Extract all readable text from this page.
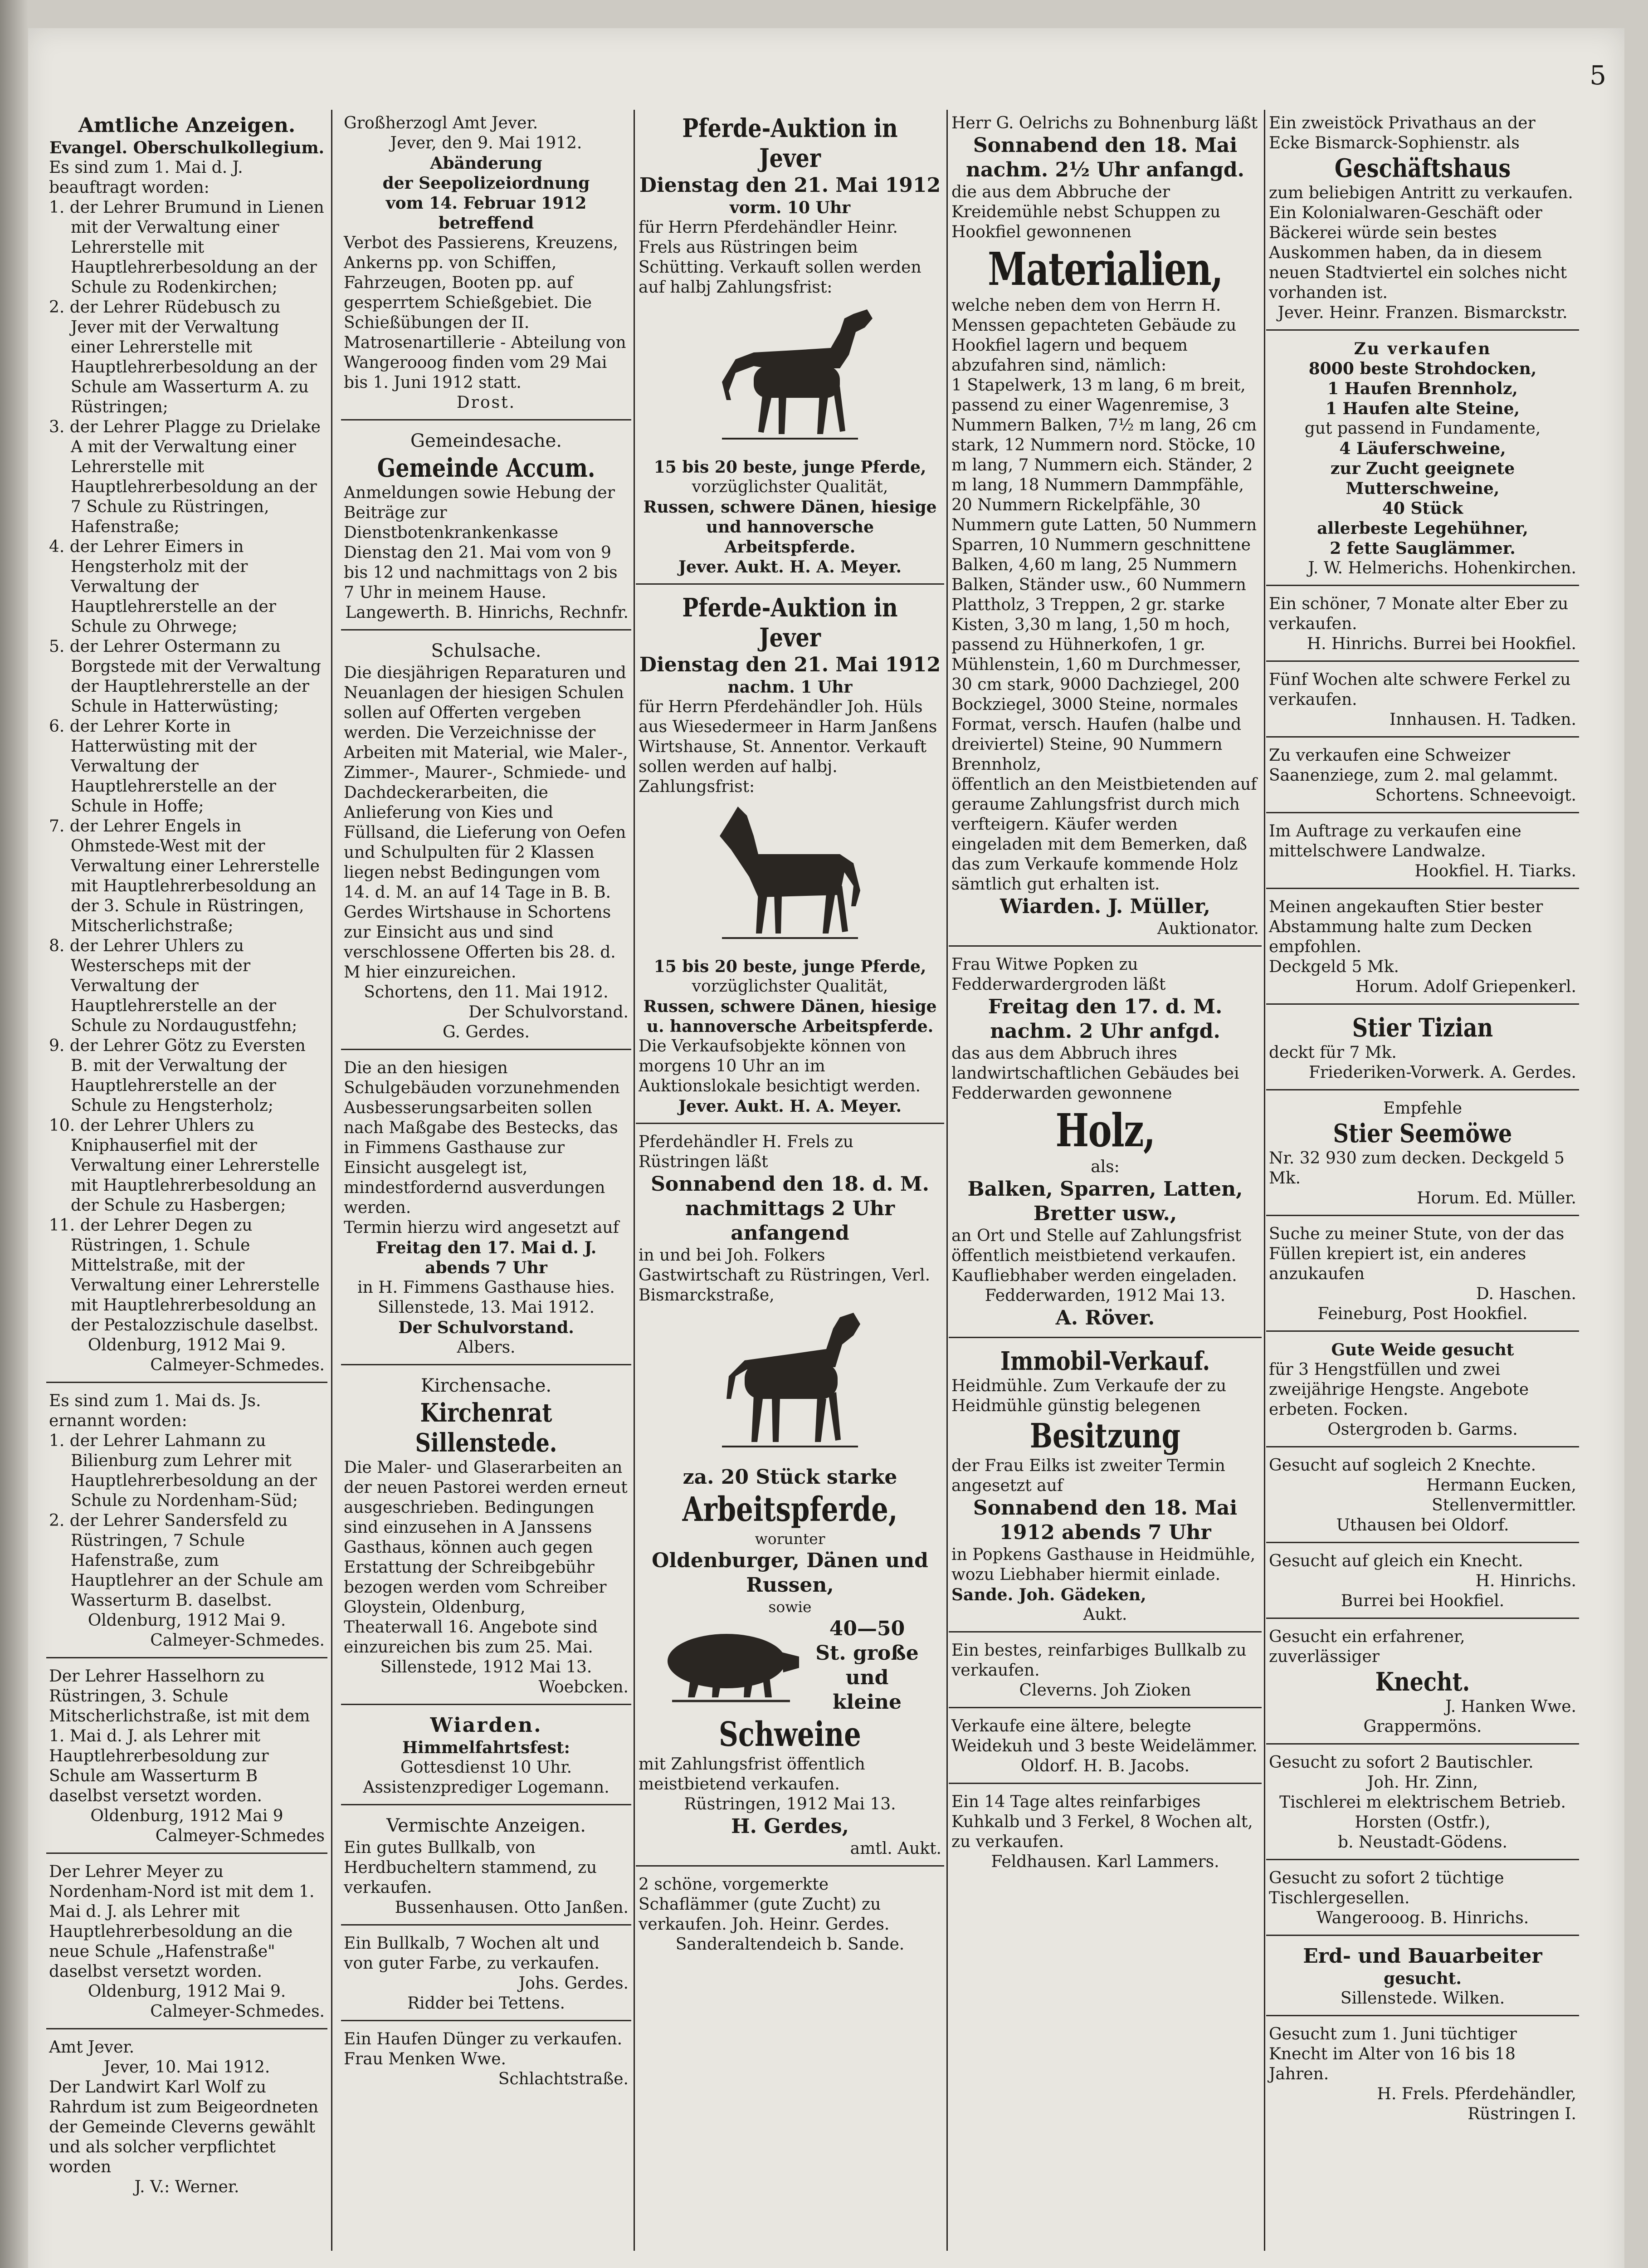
5

Amtliche Anzeigen.

Evangel. Oberschulkollegium.

Es sind zum 1. Mai d. J. beauftragt worden:

1. der Lehrer Brumund in Lienen mit der Verwaltung einer Lehrerstelle mit Hauptlehrerbesoldung an der Schule zu Rodenkirchen;

2. der Lehrer Rüdebusch zu Jever mit der Verwaltung einer Lehrerstelle mit Hauptlehrerbesoldung an der Schule am Wasserturm A. zu Rüstringen;

3. der Lehrer Plagge zu Drielake A mit der Verwaltung einer Lehrerstelle mit Hauptlehrerbesoldung an der 7 Schule zu Rüstringen, Hafenstraße;

4. der Lehrer Eimers in Hengsterholz mit der Verwaltung der Hauptlehrerstelle an der Schule zu Ohrwege;

5. der Lehrer Ostermann zu Borgstede mit der Verwaltung der Hauptlehrerstelle an der Schule in Hatterwüsting;

6. der Lehrer Korte in Hatterwüsting mit der Verwaltung der Hauptlehrerstelle an der Schule in Hoffe;

7. der Lehrer Engels in Ohmstede-West mit der Verwaltung einer Lehrerstelle mit Hauptlehrerbesoldung an der 3. Schule in Rüstringen, Mitscherlichstraße;

8. der Lehrer Uhlers zu Westerscheps mit der Verwaltung der Hauptlehrerstelle an der Schule zu Nordaugustfehn;

9. der Lehrer Götz zu Eversten B. mit der Verwaltung der Hauptlehrerstelle an der Schule zu Hengsterholz;

10. der Lehrer Uhlers zu Kniphauserfiel mit der Verwaltung einer Lehrerstelle mit Hauptlehrerbesoldung an der Schule zu Hasbergen;

11. der Lehrer Degen zu Rüstringen, 1. Schule Mittelstraße, mit der Verwaltung einer Lehrerstelle mit Hauptlehrerbesoldung an der Pestalozzischule daselbst.

Oldenburg, 1912 Mai 9.

Calmeyer-Schmedes.

Es sind zum 1. Mai ds. Js. ernannt worden:

1. der Lehrer Lahmann zu Bilienburg zum Lehrer mit Hauptlehrerbesoldung an der Schule zu Nordenham-Süd;

2. der Lehrer Sandersfeld zu Rüstringen, 7 Schule Hafenstraße, zum Hauptlehrer an der Schule am Wasserturm B. daselbst.

Oldenburg, 1912 Mai 9.

Calmeyer-Schmedes.

Der Lehrer Hasselhorn zu Rüstringen, 3. Schule Mitscherlichstraße, ist mit dem 1. Mai d. J. als Lehrer mit Hauptlehrerbesoldung zur Schule am Wasserturm B daselbst versetzt worden.

Oldenburg, 1912 Mai 9

Calmeyer-Schmedes

Der Lehrer Meyer zu Nordenham-Nord ist mit dem 1. Mai d. J. als Lehrer mit Hauptlehrerbesoldung an die neue Schule „Hafenstraße" daselbst versetzt worden.

Oldenburg, 1912 Mai 9.

Calmeyer-Schmedes.

Amt Jever.

Jever, 10. Mai 1912.

Der Landwirt Karl Wolf zu Rahrdum ist zum Beigeordneten der Gemeinde Cleverns gewählt und als solcher verpflichtet worden

J. V.: Werner.

Großherzogl Amt Jever.

Jever, den 9. Mai 1912.

Abänderung

der Seepolizeiordnung

vom 14. Februar 1912

betreffend

Verbot des Passierens, Kreuzens, Ankerns pp. von Schiffen, Fahrzeugen, Booten pp. auf gesperrtem Schießgebiet. Die Schießübungen der II. Matrosenartillerie - Abteilung von Wangerooog finden vom 29 Mai bis 1. Juni 1912 statt.

Drost.

Gemeindesache.

Gemeinde Accum.

Anmeldungen sowie Hebung der Beiträge zur Dienstbotenkrankenkasse Dienstag den 21. Mai vom von 9 bis 12 und nachmittags von 2 bis 7 Uhr in meinem Hause.

Langewerth. B. Hinrichs, Rechnfr.

Schulsache.

Die diesjährigen Reparaturen und Neuanlagen der hiesigen Schulen sollen auf Offerten vergeben werden. Die Verzeichnisse der Arbeiten mit Material, wie Maler-, Zimmer-, Maurer-, Schmiede- und Dachdeckerarbeiten, die Anlieferung von Kies und Füllsand, die Lieferung von Oefen und Schulpulten für 2 Klassen liegen nebst Bedingungen vom 14. d. M. an auf 14 Tage in B. B. Gerdes Wirtshause in Schortens zur Einsicht aus und sind verschlossene Offerten bis 28. d. M hier einzureichen.

Schortens, den 11. Mai 1912.

Der Schulvorstand.

G. Gerdes.

Die an den hiesigen Schulgebäuden vorzunehmenden Ausbesserungsarbeiten sollen nach Maßgabe des Bestecks, das in Fimmens Gasthause zur Einsicht ausgelegt ist, mindestfordernd ausverdungen werden.

Termin hierzu wird angesetzt auf

Freitag den 17. Mai d. J. abends 7 Uhr

in H. Fimmens Gasthause hies.

Sillenstede, 13. Mai 1912.

Der Schulvorstand.

Albers.

Kirchensache.

Kirchenrat Sillenstede.

Die Maler- und Glaserarbeiten an der neuen Pastorei werden erneut ausgeschrieben. Bedingungen sind einzusehen in A Janssens Gasthaus, können auch gegen Erstattung der Schreibgebühr bezogen werden vom Schreiber Gloystein, Oldenburg, Theaterwall 16. Angebote sind einzureichen bis zum 25. Mai.

Sillenstede, 1912 Mai 13.

Woebcken.

Wiarden.

Himmelfahrtsfest:

Gottesdienst 10 Uhr.

Assistenzprediger Logemann.

Vermischte Anzeigen.

Ein gutes Bullkalb, von Herdbucheltern stammend, zu verkaufen.

Bussenhausen. Otto Janßen.

Ein Bullkalb, 7 Wochen alt und von guter Farbe, zu verkaufen.

Johs. Gerdes.

Ridder bei Tettens.

Ein Haufen Dünger zu verkaufen. Frau Menken Wwe.

Schlachtstraße.

Pferde-Auktion in Jever

Dienstag den 21. Mai 1912

vorm. 10 Uhr

für Herrn Pferdehändler Heinr. Frels aus Rüstringen beim Schütting. Verkauft sollen werden auf halbj Zahlungsfrist:

15 bis 20 beste, junge Pferde,

vorzüglichster Qualität,

Russen, schwere Dänen, hiesige und hannoversche Arbeitspferde.

Jever. Aukt. H. A. Meyer.

Pferde-Auktion in Jever

Dienstag den 21. Mai 1912

nachm. 1 Uhr

für Herrn Pferdehändler Joh. Hüls aus Wiesedermeer in Harm Janßens Wirtshause, St. Annentor. Verkauft sollen werden auf halbj. Zahlungsfrist:

15 bis 20 beste, junge Pferde,

vorzüglichster Qualität,

Russen, schwere Dänen, hiesige u. hannoversche Arbeitspferde.

Die Verkaufsobjekte können von morgens 10 Uhr an im Auktionslokale besichtigt werden.

Jever. Aukt. H. A. Meyer.

Pferdehändler H. Frels zu Rüstringen läßt

Sonnabend den 18. d. M. nachmittags 2 Uhr anfangend

in und bei Joh. Folkers Gastwirtschaft zu Rüstringen, Verl. Bismarckstraße,

za. 20 Stück starke

Arbeitspferde,

worunter

Oldenburger, Dänen und Russen,

sowie

40—50 St. große und kleine

Schweine

mit Zahlungsfrist öffentlich meistbietend verkaufen.

Rüstringen, 1912 Mai 13.

H. Gerdes,

amtl. Aukt.

2 schöne, vorgemerkte Schaflämmer (gute Zucht) zu verkaufen. Joh. Heinr. Gerdes.

Sanderaltendeich b. Sande.

Herr G. Oelrichs zu Bohnenburg läßt

Sonnabend den 18. Mai nachm. 2½ Uhr anfangd.

die aus dem Abbruche der Kreidemühle nebst Schuppen zu Hookfiel gewonnenen

Materialien,

welche neben dem von Herrn H. Menssen gepachteten Gebäude zu Hookfiel lagern und bequem abzufahren sind, nämlich:

1 Stapelwerk, 13 m lang, 6 m breit, passend zu einer Wagenremise, 3 Nummern Balken, 7½ m lang, 26 cm stark, 12 Nummern nord. Stöcke, 10 m lang, 7 Nummern eich. Ständer, 2 m lang, 18 Nummern Dammpfähle, 20 Nummern Rickelpfähle, 30 Nummern gute Latten, 50 Nummern Sparren, 10 Nummern geschnittene Balken, 4,60 m lang, 25 Nummern Balken, Ständer usw., 60 Nummern Plattholz, 3 Treppen, 2 gr. starke Kisten, 3,30 m lang, 1,50 m hoch, passend zu Hühnerkofen, 1 gr. Mühlenstein, 1,60 m Durchmesser, 30 cm stark, 9000 Dachziegel, 200 Bockziegel, 3000 Steine, normales Format, versch. Haufen (halbe und dreiviertel) Steine, 90 Nummern Brennholz,

öffentlich an den Meistbietenden auf geraume Zahlungsfrist durch mich verfteigern. Käufer werden eingeladen mit dem Bemerken, daß das zum Verkaufe kommende Holz sämtlich gut erhalten ist.

Wiarden. J. Müller,

Auktionator.

Frau Witwe Popken zu Fedderwardergroden läßt

Freitag den 17. d. M. nachm. 2 Uhr anfgd.

das aus dem Abbruch ihres landwirtschaftlichen Gebäudes bei Fedderwarden gewonnene

Holz,

als:

Balken, Sparren, Latten, Bretter usw.,

an Ort und Stelle auf Zahlungsfrist öffentlich meistbietend verkaufen. Kaufliebhaber werden eingeladen.

Fedderwarden, 1912 Mai 13.

A. Röver.

Immobil-Verkauf.

Heidmühle. Zum Verkaufe der zu Heidmühle günstig belegenen

Besitzung

der Frau Eilks ist zweiter Termin angesetzt auf

Sonnabend den 18. Mai 1912 abends 7 Uhr

in Popkens Gasthause in Heidmühle, wozu Liebhaber hiermit einlade.

Sande. Joh. Gädeken,

Aukt.

Ein bestes, reinfarbiges Bullkalb zu verkaufen.

Cleverns. Joh Zioken

Verkaufe eine ältere, belegte Weidekuh und 3 beste Weidelämmer.

Oldorf. H. B. Jacobs.

Ein 14 Tage altes reinfarbiges Kuhkalb und 3 Ferkel, 8 Wochen alt, zu verkaufen.

Feldhausen. Karl Lammers.

Ein zweistöck Privathaus an der Ecke Bismarck-Sophienstr. als

Geschäftshaus

zum beliebigen Antritt zu verkaufen. Ein Kolonialwaren-Geschäft oder Bäckerei würde sein bestes Auskommen haben, da in diesem neuen Stadtviertel ein solches nicht vorhanden ist.

Jever. Heinr. Franzen. Bismarckstr.

Zu verkaufen

8000 beste Strohdocken,

1 Haufen Brennholz,

1 Haufen alte Steine,

gut passend in Fundamente,

4 Läuferschweine,

zur Zucht geeignete Mutterschweine,

40 Stück

allerbeste Legehühner,

2 fette Sauglämmer.

J. W. Helmerichs. Hohenkirchen.

Ein schöner, 7 Monate alter Eber zu verkaufen.

H. Hinrichs. Burrei bei Hookfiel.

Fünf Wochen alte schwere Ferkel zu verkaufen.

Innhausen. H. Tadken.

Zu verkaufen eine Schweizer Saanenziege, zum 2. mal gelammt.

Schortens. Schneevoigt.

Im Auftrage zu verkaufen eine mittelschwere Landwalze.

Hookfiel. H. Tiarks.

Meinen angekauften Stier bester Abstammung halte zum Decken empfohlen.

Deckgeld 5 Mk.

Horum. Adolf Griepenkerl.

Stier Tizian

deckt für 7 Mk.

Friederiken-Vorwerk. A. Gerdes.

Empfehle

Stier Seemöwe

Nr. 32 930 zum decken. Deckgeld 5 Mk.

Horum. Ed. Müller.

Suche zu meiner Stute, von der das Füllen krepiert ist, ein anderes anzukaufen

D. Haschen.

Feineburg, Post Hookfiel.

Gute Weide gesucht

für 3 Hengstfüllen und zwei zweijährige Hengste. Angebote erbeten. Focken.

Ostergroden b. Garms.

Gesucht auf sogleich 2 Knechte.

Hermann Eucken,

Stellenvermittler.

Uthausen bei Oldorf.

Gesucht auf gleich ein Knecht.

H. Hinrichs.

Burrei bei Hookfiel.

Gesucht ein erfahrener, zuverlässiger

Knecht.

J. Hanken Wwe.

Grappermöns.

Gesucht zu sofort 2 Bautischler.

Joh. Hr. Zinn,

Tischlerei m elektrischem Betrieb.

Horsten (Ostfr.),

b. Neustadt-Gödens.

Gesucht zu sofort 2 tüchtige Tischlergesellen.

Wangerooog. B. Hinrichs.

Erd- und Bauarbeiter

gesucht.

Sillenstede. Wilken.

Gesucht zum 1. Juni tüchtiger Knecht im Alter von 16 bis 18 Jahren.

H. Frels. Pferdehändler,

Rüstringen I.
